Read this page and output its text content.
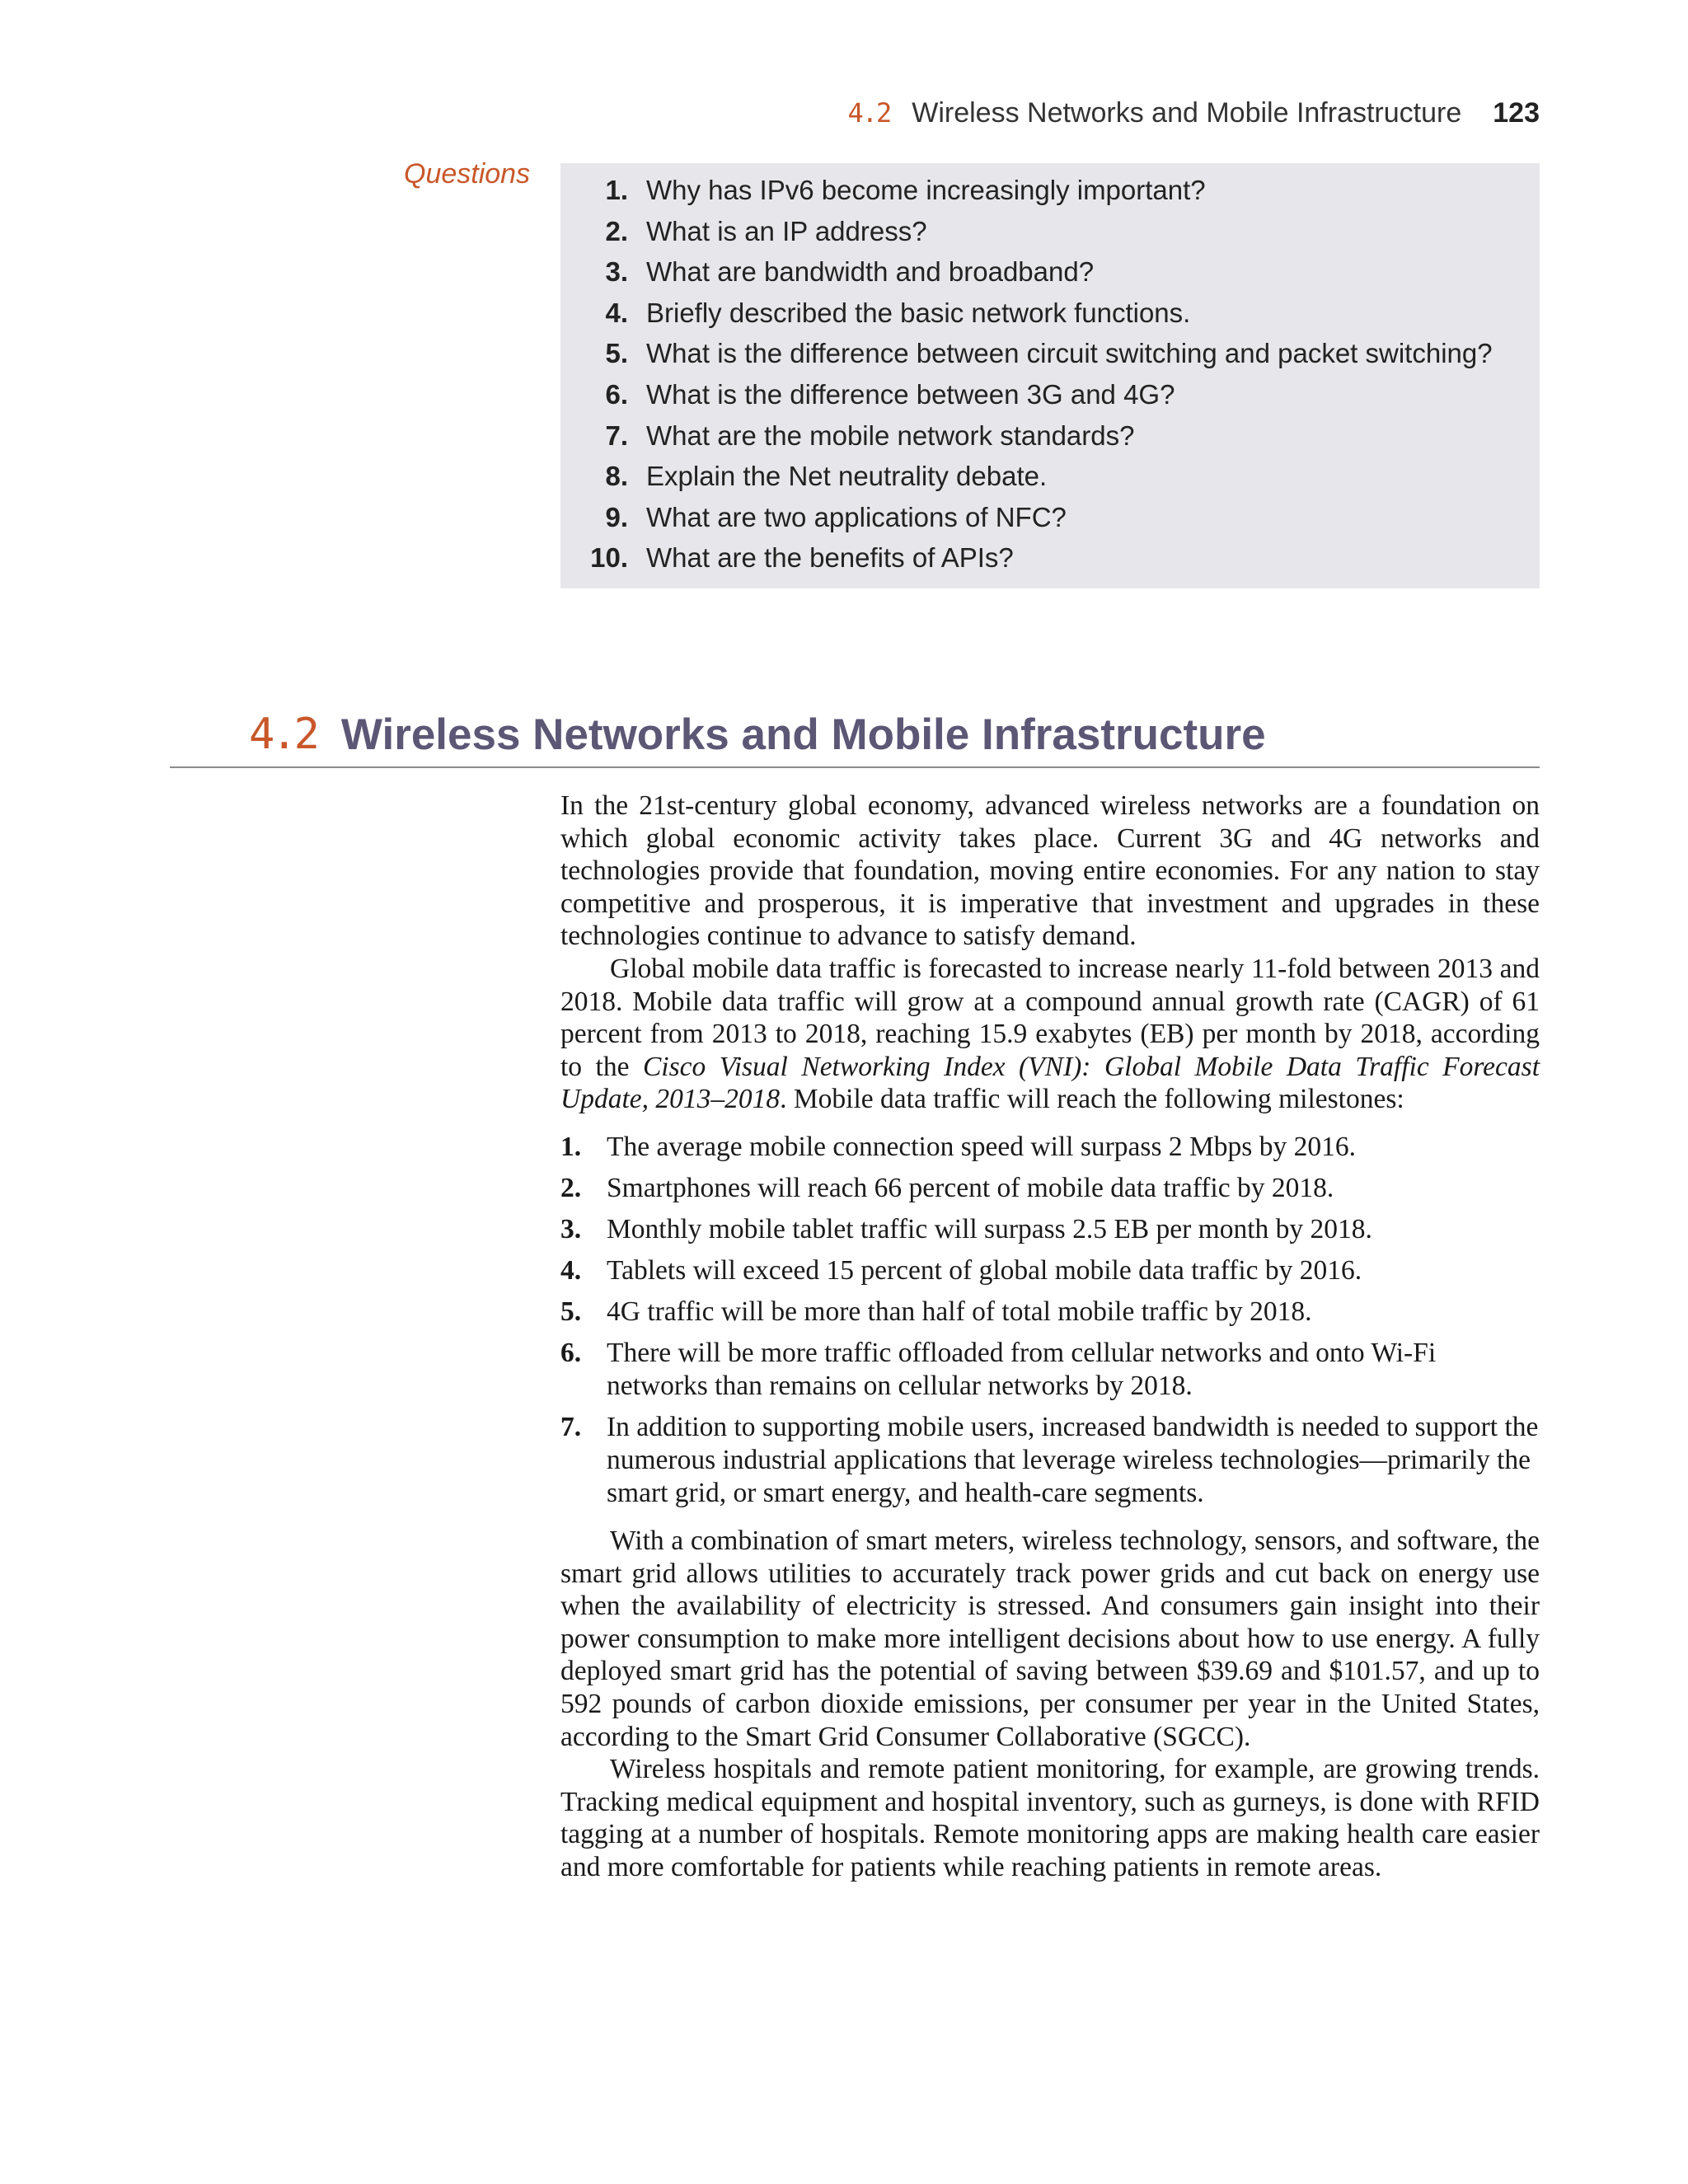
4.2 Wireless Networks and Mobile Infrastructure 123
Questions
1. Why has IPv6 become increasingly important?
2. What is an IP address?
3. What are bandwidth and broadband?
4. Briefly described the basic network functions.
5. What is the difference between circuit switching and packet switching?
6. What is the difference between 3G and 4G?
7. What are the mobile network standards?
8. Explain the Net neutrality debate.
9. What are two applications of NFC?
10. What are the benefits of APIs?
4.2 Wireless Networks and Mobile Infrastructure

In the 21st-century global economy, advanced wireless networks are a foundation on which global economic activity takes place. Current 3G and 4G networks and technologies provide that foundation, moving entire economies. For any nation to stay competitive and prosperous, it is imperative that investment and upgrades in these technologies continue to advance to satisfy demand.

Global mobile data traffic is forecasted to increase nearly 11-fold between 2013 and 2018. Mobile data traffic will grow at a compound annual growth rate (CAGR) of 61 percent from 2013 to 2018, reaching 15.9 exabytes (EB) per month by 2018, according to the Cisco Visual Networking Index (VNI): Global Mobile Data Traffic Forecast Update, 2013–2018. Mobile data traffic will reach the following milestones:

1. The average mobile connection speed will surpass 2 Mbps by 2016.
2. Smartphones will reach 66 percent of mobile data traffic by 2018.
3. Monthly mobile tablet traffic will surpass 2.5 EB per month by 2018.
4. Tablets will exceed 15 percent of global mobile data traffic by 2016.
5. 4G traffic will be more than half of total mobile traffic by 2018.
6. There will be more traffic offloaded from cellular networks and onto Wi-Fi networks than remains on cellular networks by 2018.
7. In addition to supporting mobile users, increased bandwidth is needed to support the numerous industrial applications that leverage wireless technologies—primarily the smart grid, or smart energy, and health-care segments.

With a combination of smart meters, wireless technology, sensors, and software, the smart grid allows utilities to accurately track power grids and cut back on energy use when the availability of electricity is stressed. And consumers gain insight into their power consumption to make more intelligent decisions about how to use energy. A fully deployed smart grid has the potential of saving between $39.69 and $101.57, and up to 592 pounds of carbon dioxide emissions, per consumer per year in the United States, according to the Smart Grid Consumer Collaborative (SGCC).

Wireless hospitals and remote patient monitoring, for example, are growing trends. Tracking medical equipment and hospital inventory, such as gurneys, is done with RFID tagging at a number of hospitals. Remote monitoring apps are making health care easier and more comfortable for patients while reaching patients in remote areas.
